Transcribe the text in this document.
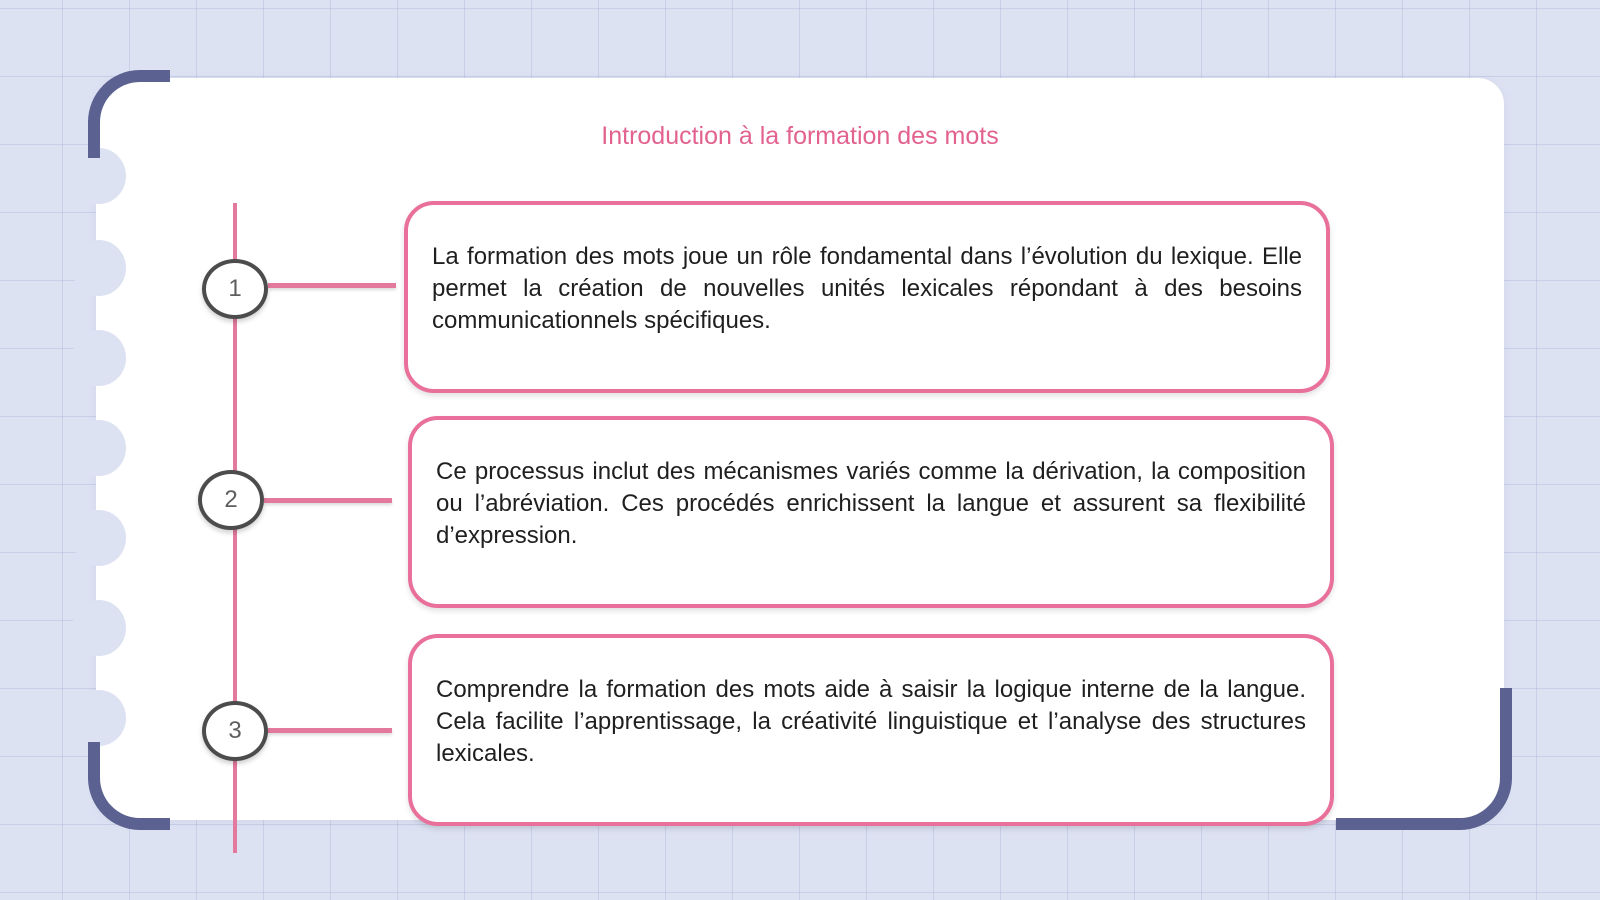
Introduction à la formation des mots
1
La formation des mots joue un rôle fondamental dans l’évolution du lexique. Elle permet la création de nouvelles unités lexicales répondant à des besoins communicationnels spécifiques.
2
Ce processus inclut des mécanismes variés comme la dérivation, la composition ou l’abréviation. Ces procédés enrichissent la langue et assurent sa flexibilité d’expression.
3
Comprendre la formation des mots aide à saisir la logique interne de la langue. Cela facilite l’apprentissage, la créativité linguistique et l’analyse des structures lexicales.
